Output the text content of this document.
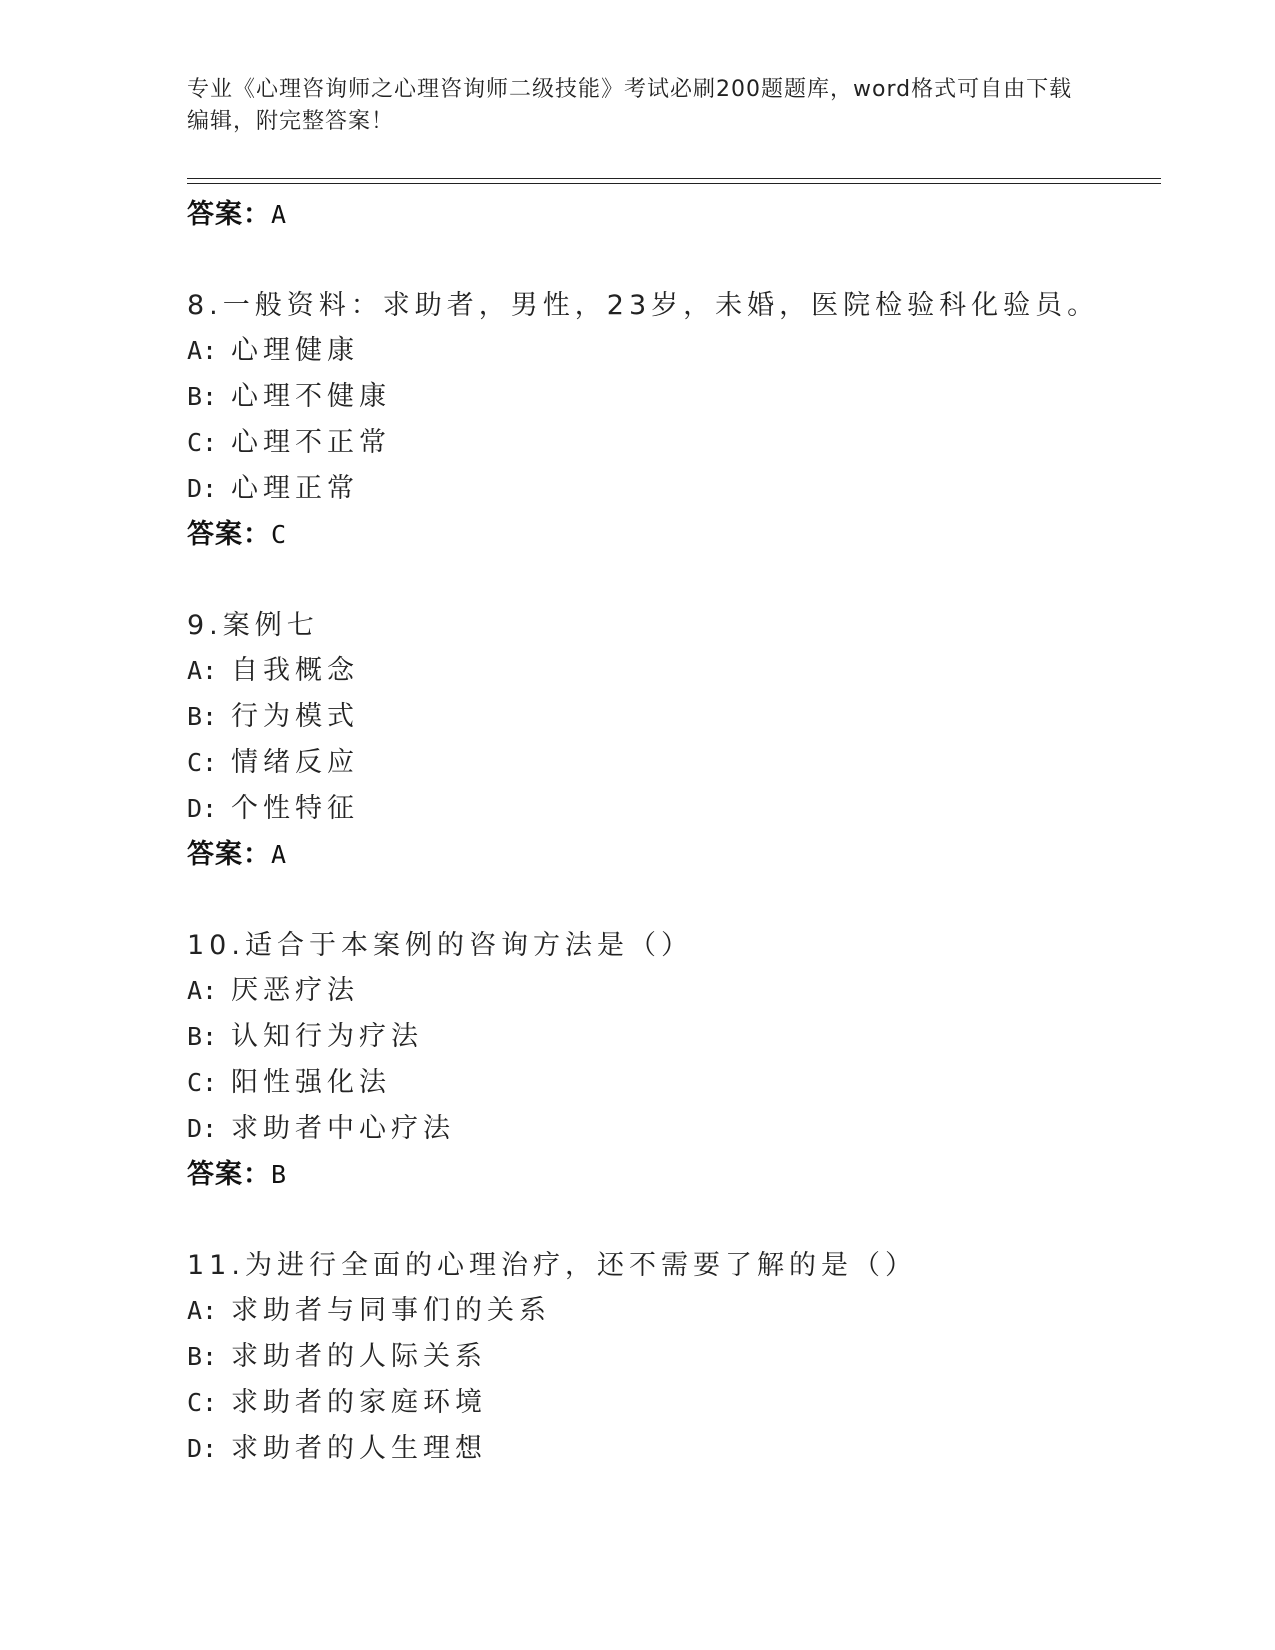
专业《心理咨询师之心理咨询师二级技能》考试必刷200题题库，word格式可自由下载编辑，附完整答案！
答案：A
8.一般资料：求助者，男性，23岁，未婚，医院检验科化验员。
A: 心理健康
B: 心理不健康
C: 心理不正常
D: 心理正常
答案：C
9.案例七
A: 自我概念
B: 行为模式
C: 情绪反应
D: 个性特征
答案：A
10.适合于本案例的咨询方法是（）
A: 厌恶疗法
B: 认知行为疗法
C: 阳性强化法
D: 求助者中心疗法
答案：B
11.为进行全面的心理治疗，还不需要了解的是（）
A: 求助者与同事们的关系
B: 求助者的人际关系
C: 求助者的家庭环境
D: 求助者的人生理想
